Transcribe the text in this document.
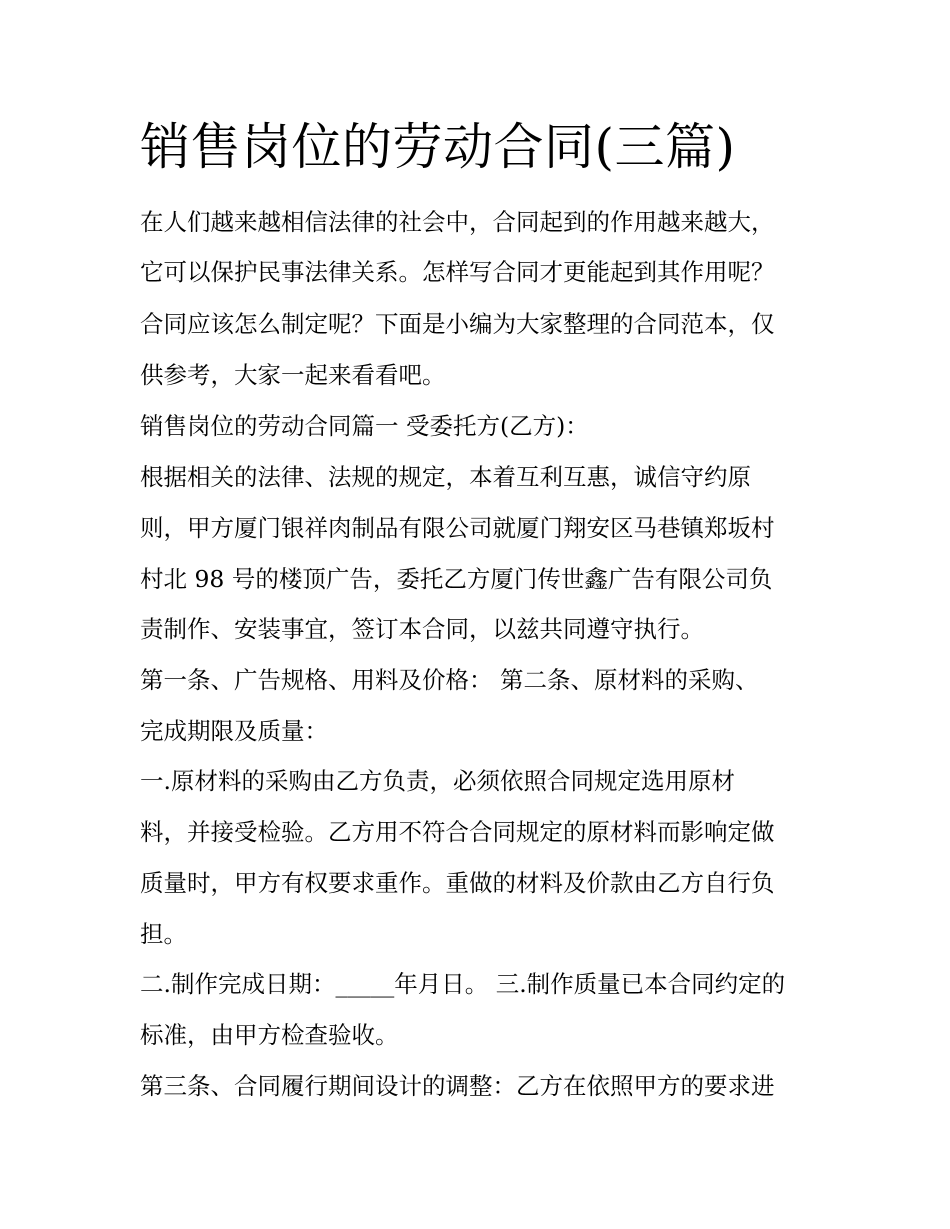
销售岗位的劳动合同(三篇)
在人们越来越相信法律的社会中，合同起到的作用越来越大，
它可以保护民事法律关系。怎样写合同才更能起到其作用呢？
合同应该怎么制定呢？下面是小编为大家整理的合同范本，仅
供参考，大家一起来看看吧。
销售岗位的劳动合同篇一 受委托方(乙方)：
根据相关的法律、法规的规定，本着互利互惠，诚信守约原
则，甲方厦门银祥肉制品有限公司就厦门翔安区马巷镇郑坂村
村北 98 号的楼顶广告，委托乙方厦门传世鑫广告有限公司负
责制作、安装事宜，签订本合同，以兹共同遵守执行。
第一条、广告规格、用料及价格： 第二条、原材料的采购、
完成期限及质量：
一.原材料的采购由乙方负责，必须依照合同规定选用原材
料，并接受检验。乙方用不符合合同规定的原材料而影响定做
质量时，甲方有权要求重作。重做的材料及价款由乙方自行负
担。
二.制作完成日期：_____年月日。 三.制作质量已本合同约定的
标准，由甲方检查验收。
第三条、合同履行期间设计的调整：乙方在依照甲方的要求进
